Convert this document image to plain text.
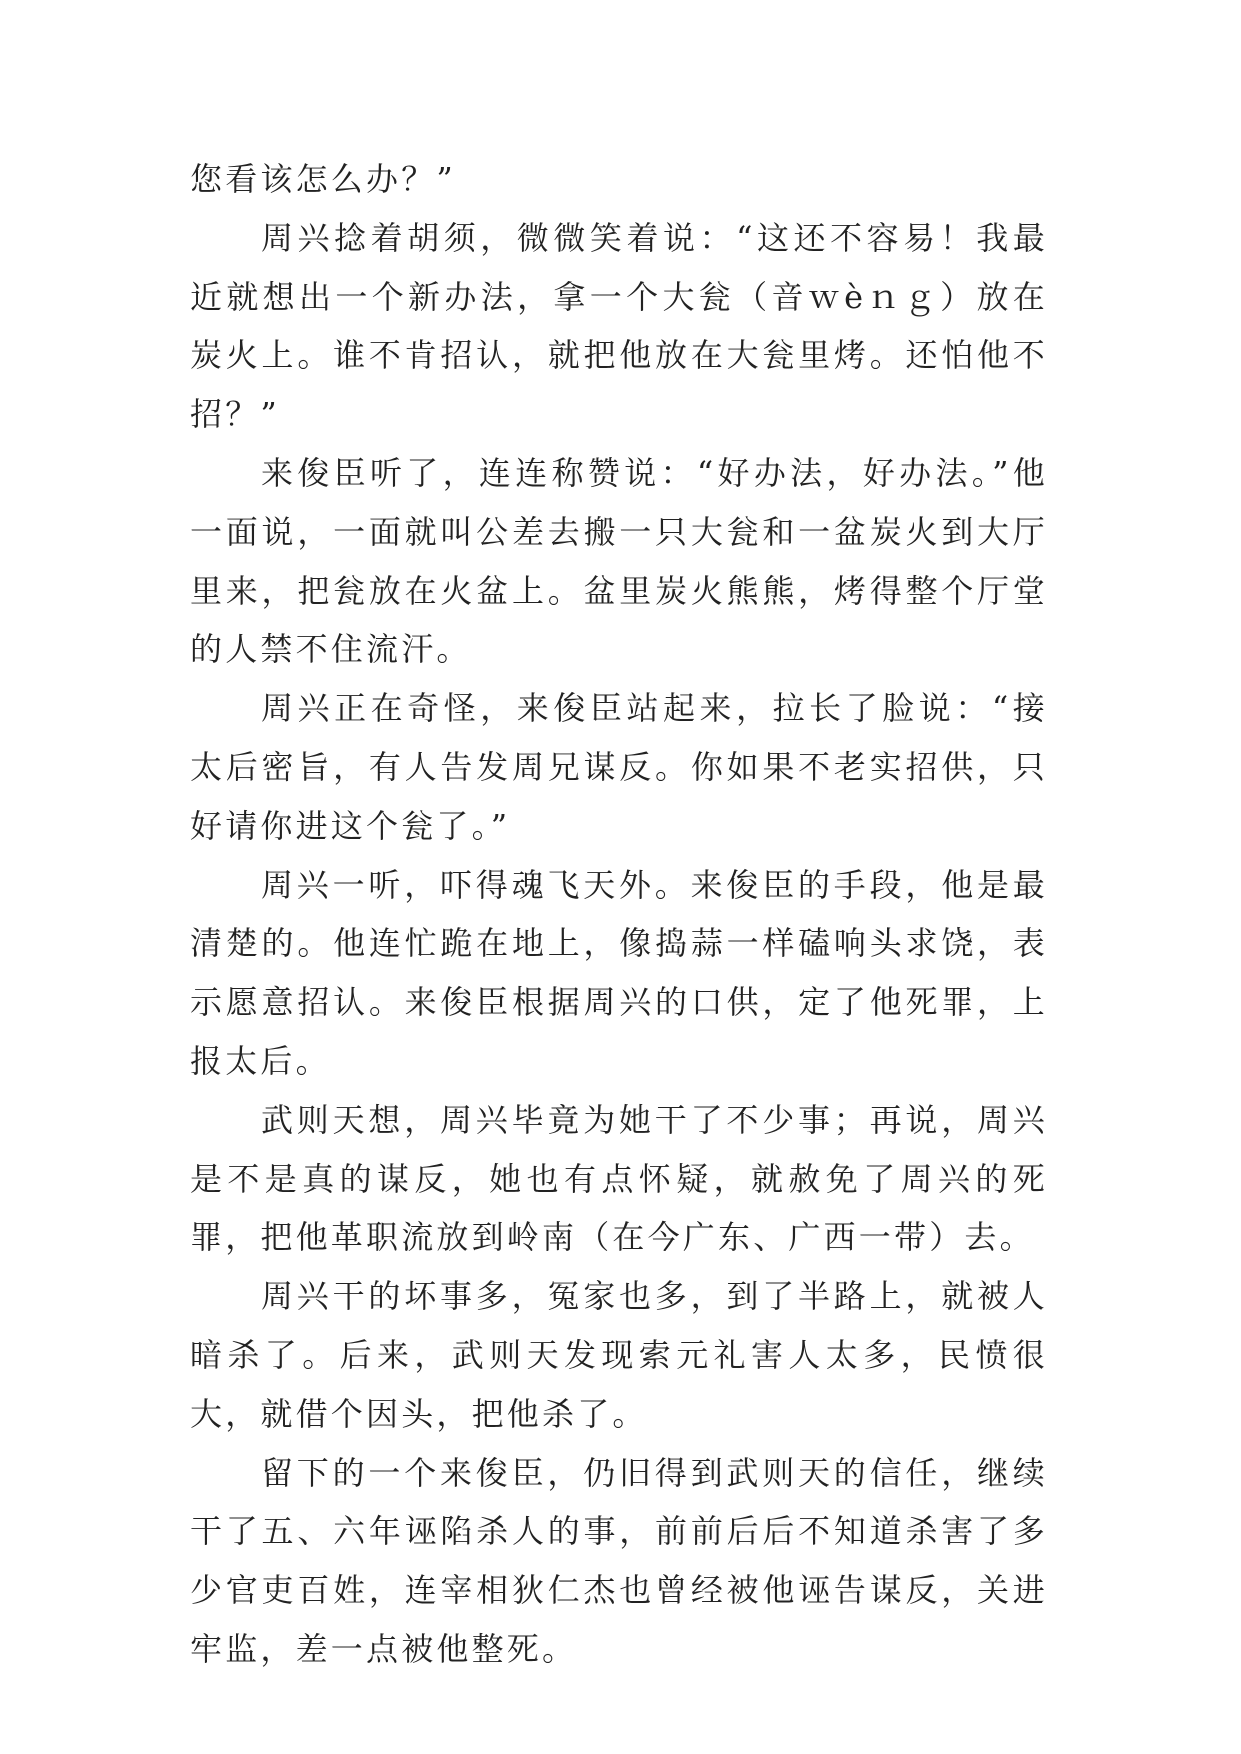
您看该怎么办？”

周兴捻着胡须，微微笑着说：“这还不容易！我最近就想出一个新办法，拿一个大瓮（音ｗèｎｇ）放在炭火上。谁不肯招认，就把他放在大瓮里烤。还怕他不招？”

来俊臣听了，连连称赞说：“好办法，好办法。”他一面说，一面就叫公差去搬一只大瓮和一盆炭火到大厅里来，把瓮放在火盆上。盆里炭火熊熊，烤得整个厅堂的人禁不住流汗。

周兴正在奇怪，来俊臣站起来，拉长了脸说：“接太后密旨，有人告发周兄谋反。你如果不老实招供，只好请你进这个瓮了。”

周兴一听，吓得魂飞天外。来俊臣的手段，他是最清楚的。他连忙跪在地上，像捣蒜一样磕响头求饶，表示愿意招认。来俊臣根据周兴的口供，定了他死罪，上报太后。

武则天想，周兴毕竟为她干了不少事；再说，周兴是不是真的谋反，她也有点怀疑，就赦免了周兴的死罪，把他革职流放到岭南（在今广东、广西一带）去。

周兴干的坏事多，冤家也多，到了半路上，就被人暗杀了。后来，武则天发现索元礼害人太多，民愤很大，就借个因头，把他杀了。

留下的一个来俊臣，仍旧得到武则天的信任，继续干了五、六年诬陷杀人的事，前前后后不知道杀害了多少官吏百姓，连宰相狄仁杰也曾经被他诬告谋反，关进牢监，差一点被他整死。
